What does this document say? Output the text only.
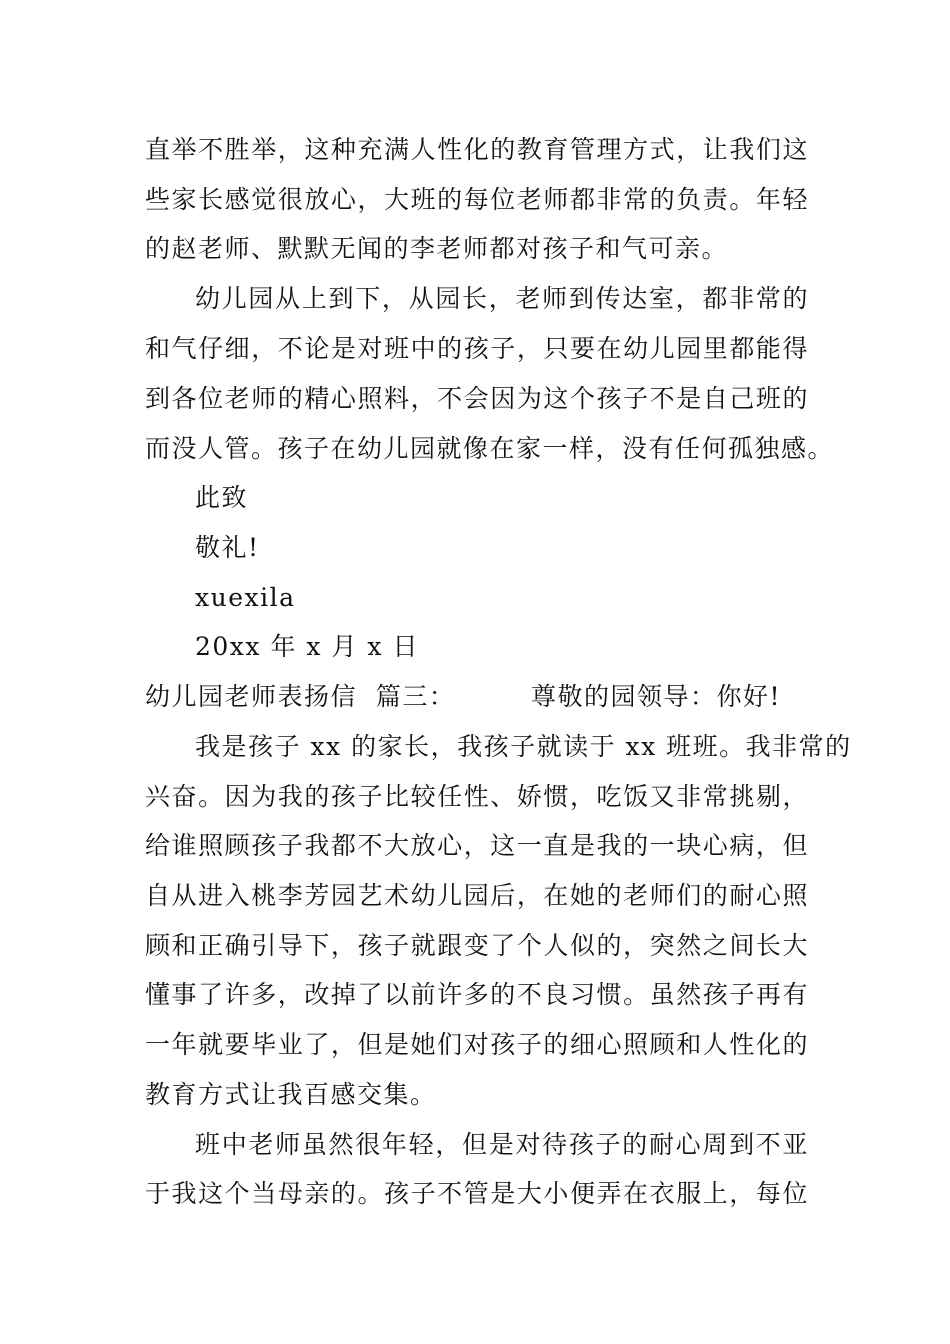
直举不胜举，这种充满人性化的教育管理方式，让我们这
些家长感觉很放心，大班的每位老师都非常的负责。年轻
的赵老师、默默无闻的李老师都对孩子和气可亲。
幼儿园从上到下，从园长，老师到传达室，都非常的
和气仔细，不论是对班中的孩子，只要在幼儿园里都能得
到各位老师的精心照料，不会因为这个孩子不是自己班的
而没人管。孩子在幼儿园就像在家一样，没有任何孤独感。
此致
敬礼!
xuexila
20xx 年 x 月 x 日
幼儿园老师表扬信  篇三：        尊敬的园领导：你好!
我是孩子 xx 的家长，我孩子就读于 xx 班班。我非常的
兴奋。因为我的孩子比较任性、娇惯，吃饭又非常挑剔，
给谁照顾孩子我都不大放心，这一直是我的一块心病，但
自从进入桃李芳园艺术幼儿园后，在她的老师们的耐心照
顾和正确引导下，孩子就跟变了个人似的，突然之间长大
懂事了许多，改掉了以前许多的不良习惯。虽然孩子再有
一年就要毕业了，但是她们对孩子的细心照顾和人性化的
教育方式让我百感交集。
班中老师虽然很年轻，但是对待孩子的耐心周到不亚
于我这个当母亲的。孩子不管是大小便弄在衣服上，每位
